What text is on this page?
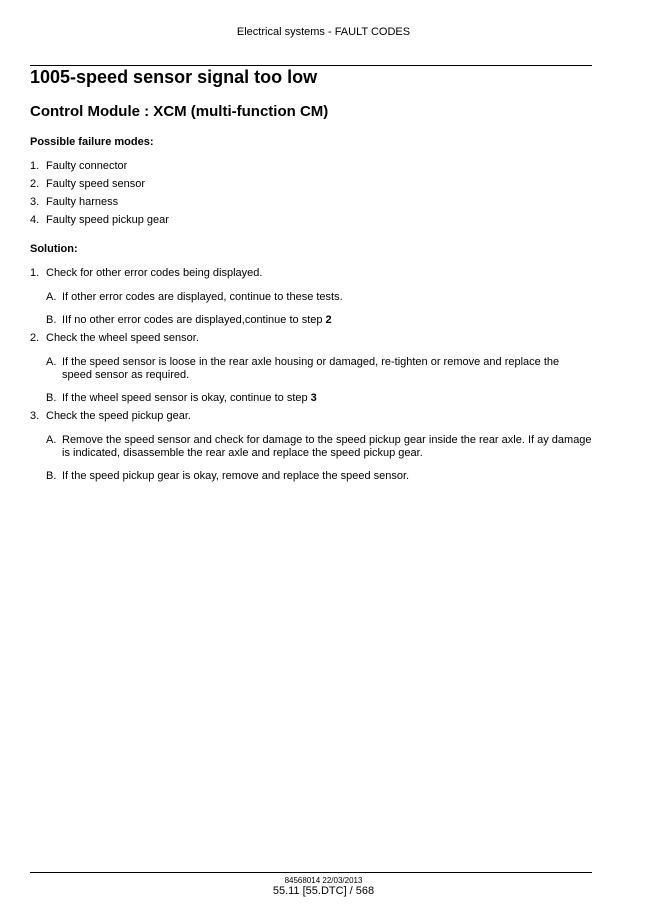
Electrical systems - FAULT CODES
1005-speed sensor signal too low
Control Module : XCM (multi-function CM)
Possible failure modes:
1. Faulty connector
2. Faulty speed sensor
3. Faulty harness
4. Faulty speed pickup gear
Solution:
1. Check for other error codes being displayed.
A. If other error codes are displayed, continue to these tests.
B. IIf no other error codes are displayed,continue to step 2
2. Check the wheel speed sensor.
A. If the speed sensor is loose in the rear axle housing or damaged, re-tighten or remove and replace the speed sensor as required.
B. If the wheel speed sensor is okay, continue to step 3
3. Check the speed pickup gear.
A. Remove the speed sensor and check for damage to the speed pickup gear inside the rear axle. If ay damage is indicated, disassemble the rear axle and replace the speed pickup gear.
B. If the speed pickup gear is okay, remove and replace the speed sensor.
84568014 22/03/2013
55.11 [55.DTC] / 568
